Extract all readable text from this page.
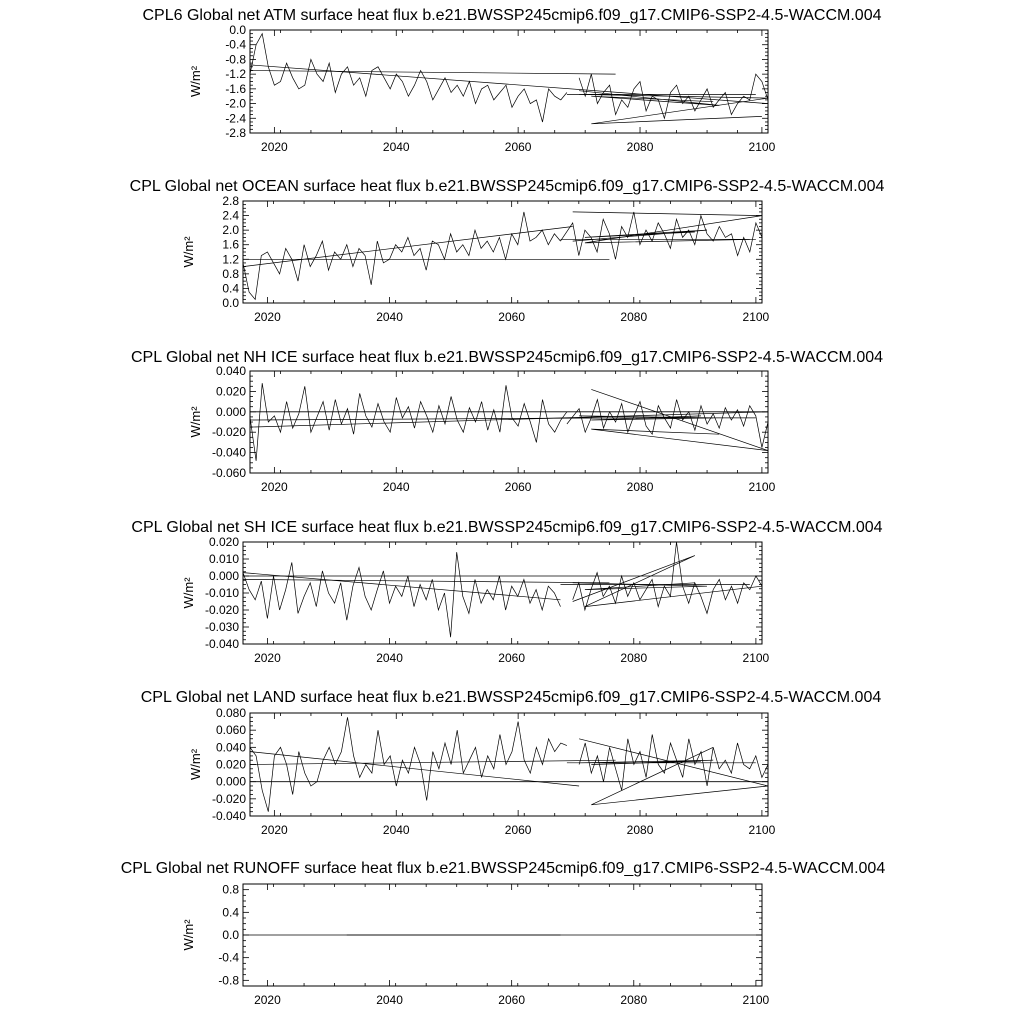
CPL6 Global net ATM surface heat flux b.e21.BWSSP245cmip6.f09_g17.CMIP6-SSP2-4.5-WACCM.004
0.0
-0.4
-0.8
-1.2
-1.6
-2.0
-2.4
-2.8
2020	2040	2060	2080	2100
W/m²
CPL Global net OCEAN surface heat flux b.e21.BWSSP245cmip6.f09_g17.CMIP6-SSP2-4.5-WACCM.004
2.8
2.4
2.0
1.6
1.2
0.8
0.4
0.0
2020	2040	2060	2080	2100
W/m²
CPL Global net NH ICE surface heat flux b.e21.BWSSP245cmip6.f09_g17.CMIP6-SSP2-4.5-WACCM.004
0.040
0.020
0.000
-0.020
-0.040
-0.060
2020	2040	2060	2080	2100
W/m²
CPL Global net SH ICE surface heat flux b.e21.BWSSP245cmip6.f09_g17.CMIP6-SSP2-4.5-WACCM.004
0.020
0.010
0.000
-0.010
-0.020
-0.030
-0.040
2020	2040	2060	2080	2100
W/m²
CPL Global net LAND surface heat flux b.e21.BWSSP245cmip6.f09_g17.CMIP6-SSP2-4.5-WACCM.004
0.080
0.060
0.040
0.020
0.000
-0.020
-0.040
2020	2040	2060	2080	2100
W/m²
CPL Global net RUNOFF surface heat flux b.e21.BWSSP245cmip6.f09_g17.CMIP6-SSP2-4.5-WACCM.004
0.8
0.4
0.0
-0.4
-0.8
2020	2040	2060	2080	2100
W/m²
